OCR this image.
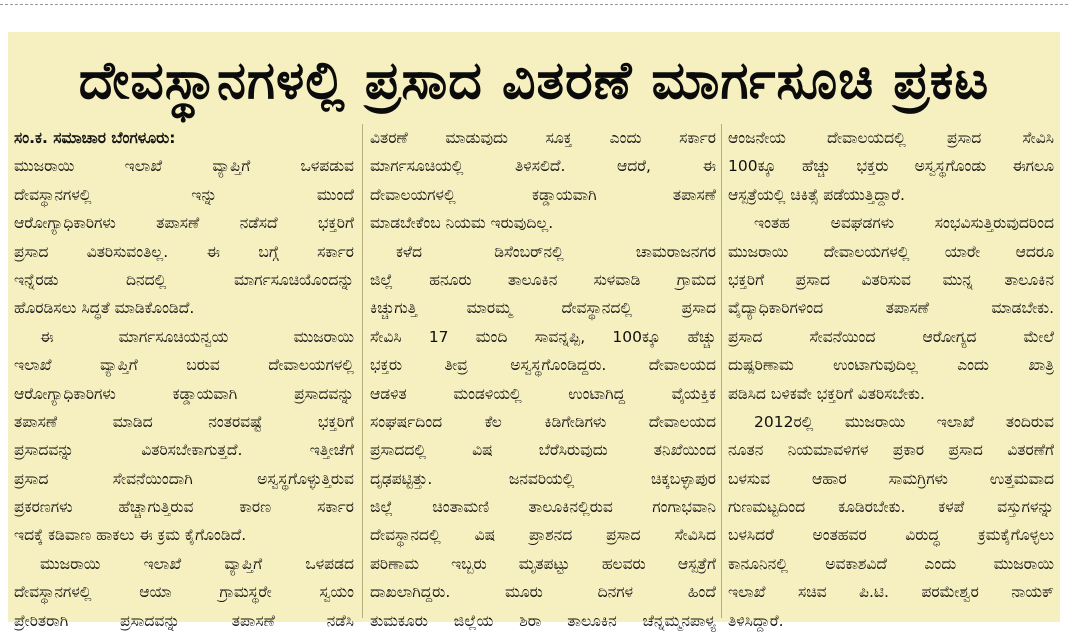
ದೇವಸ್ಥಾನಗಳಲ್ಲಿ ಪ್ರಸಾದ ವಿತರಣೆ ಮಾರ್ಗಸೂಚಿ ಪ್ರಕಟ
ಸಂ.ಕ. ಸಮಾಚಾರ ಬೆಂಗಳೂರು:
ಮುಜರಾಯಿ ಇಲಾಖೆ ವ್ಯಾಪ್ತಿಗೆ ಒಳಪಡುವ
ದೇವಸ್ಥಾನಗಳಲ್ಲಿ ಇನ್ನು ಮುಂದೆ
ಆರೋಗ್ಯಾಧಿಕಾರಿಗಳು ತಪಾಸಣೆ ನಡೆಸದೆ ಭಕ್ತರಿಗೆ
ಪ್ರಸಾದ ವಿತರಿಸುವಂತಿಲ್ಲ. ಈ ಬಗ್ಗೆ ಸರ್ಕಾರ
ಇನ್ನೆರಡು ದಿನದಲ್ಲಿ ಮಾರ್ಗಸೂಚಿಯೊಂದನ್ನು
ಹೊರಡಿಸಲು ಸಿದ್ಧತೆ ಮಾಡಿಕೊಂಡಿದೆ.
ಈ ಮಾರ್ಗಸೂಚಿಯನ್ವಯ ಮುಜರಾಯಿ
ಇಲಾಖೆ ವ್ಯಾಪ್ತಿಗೆ ಬರುವ ದೇವಾಲಯಗಳಲ್ಲಿ
ಆರೋಗ್ಯಾಧಿಕಾರಿಗಳು ಕಡ್ಡಾಯವಾಗಿ ಪ್ರಸಾದವನ್ನು
ತಪಾಸಣೆ ಮಾಡಿದ ನಂತರವಷ್ಟೆ ಭಕ್ತರಿಗೆ
ಪ್ರಸಾದವನ್ನು ವಿತರಿಸಬೇಕಾಗುತ್ತದೆ. ಇತ್ತೀಚೆಗೆ
ಪ್ರಸಾದ ಸೇವನೆಯಿಂದಾಗಿ ಅಸ್ವಸ್ಥಗೊಳ್ಳುತ್ತಿರುವ
ಪ್ರಕರಣಗಳು ಹೆಚ್ಚಾಗುತ್ತಿರುವ ಕಾರಣ ಸರ್ಕಾರ
ಇದಕ್ಕೆ ಕಡಿವಾಣ ಹಾಕಲು ಈ ಕ್ರಮ ಕೈಗೊಂಡಿದೆ.
ಮುಜರಾಯಿ ಇಲಾಖೆ ವ್ಯಾಪ್ತಿಗೆ ಒಳಪಡದ
ದೇವಸ್ಥಾನಗಳಲ್ಲಿ ಆಯಾ ಗ್ರಾಮಸ್ಥರೇ ಸ್ವಯಂ
ಪ್ರೇರಿತರಾಗಿ ಪ್ರಸಾದವನ್ನು ತಪಾಸಣೆ ನಡೆಸಿ
ವಿತರಣೆ ಮಾಡುವುದು ಸೂಕ್ತ ಎಂದು ಸರ್ಕಾರ
ಮಾರ್ಗಸೂಚಿಯಲ್ಲಿ ತಿಳಿಸಲಿದೆ. ಆದರೆ, ಈ
ದೇವಾಲಯಗಳಲ್ಲಿ ಕಡ್ಡಾಯವಾಗಿ ತಪಾಸಣೆ
ಮಾಡಬೇಕೆಂಬ ನಿಯಮ ಇರುವುದಿಲ್ಲ.
ಕಳೆದ ಡಿಸೆಂಬರ್‌ನಲ್ಲಿ ಚಾಮರಾಜನಗರ
ಜಿಲ್ಲೆ ಹನೂರು ತಾಲೂಕಿನ ಸುಳವಾಡಿ ಗ್ರಾಮದ
ಕಿಚ್ಚುಗುತ್ತಿ ಮಾರಮ್ಮ ದೇವಸ್ಥಾನದಲ್ಲಿ ಪ್ರಸಾದ
ಸೇವಿಸಿ 17 ಮಂದಿ ಸಾವನ್ನಪ್ಪಿ, 100ಕ್ಕೂ ಹೆಚ್ಚು
ಭಕ್ತರು ತೀವ್ರ ಅಸ್ವಸ್ಥಗೊಂಡಿದ್ದರು. ದೇವಾಲಯದ
ಆಡಳಿತ ಮಂಡಳಿಯಲ್ಲಿ ಉಂಟಾಗಿದ್ದ ವೈಯಕ್ತಿಕ
ಸಂಘರ್ಷದಿಂದ ಕೆಲ ಕಿಡಿಗೇಡಿಗಳು ದೇವಾಲಯದ
ಪ್ರಸಾದದಲ್ಲಿ ವಿಷ ಬೆರೆಸಿರುವುದು ತನಿಖೆಯಿಂದ
ದೃಢಪಟ್ಟಿತ್ತು. ಜನವರಿಯಲ್ಲಿ ಚಿಕ್ಕಬಳ್ಳಾಪುರ
ಜಿಲ್ಲೆ ಚಿಂತಾಮಣಿ ತಾಲೂಕಿನಲ್ಲಿರುವ ಗಂಗಾಭವಾನಿ
ದೇವಸ್ಥಾನದಲ್ಲಿ ವಿಷ ಪ್ರಾಶನದ ಪ್ರಸಾದ ಸೇವಿಸಿದ
ಪರಿಣಾಮ ಇಬ್ಬರು ಮೃತಪಟ್ಟು ಹಲವರು ಆಸ್ಪತ್ರೆಗೆ
ದಾಖಲಾಗಿದ್ದರು. ಮೂರು ದಿನಗಳ ಹಿಂದೆ
ತುಮಕೂರು ಜಿಲ್ಲೆಯ ಶಿರಾ ತಾಲೂಕಿನ ಚೆನ್ನಮ್ಮನಪಾಳ್ಯ
ಆಂಜನೇಯ ದೇವಾಲಯದಲ್ಲಿ ಪ್ರಸಾದ ಸೇವಿಸಿ
100ಕ್ಕೂ ಹೆಚ್ಚು ಭಕ್ತರು ಅಸ್ವಸ್ಥಗೊಂಡು ಈಗಲೂ
ಆಸ್ಪತ್ರೆಯಲ್ಲಿ ಚಿಕಿತ್ಸೆ ಪಡೆಯುತ್ತಿದ್ದಾರೆ.
ಇಂತಹ ಅವಘಡಗಳು ಸಂಭವಿಸುತ್ತಿರುವುದರಿಂದ
ಮುಜರಾಯಿ ದೇವಾಲಯಗಳಲ್ಲಿ ಯಾರೇ ಆದರೂ
ಭಕ್ತರಿಗೆ ಪ್ರಸಾದ ವಿತರಿಸುವ ಮುನ್ನ ತಾಲೂಕಿನ
ವೈದ್ಯಾಧಿಕಾರಿಗಳಿಂದ ತಪಾಸಣೆ ಮಾಡಬೇಕು.
ಪ್ರಸಾದ ಸೇವನೆಯಿಂದ ಆರೋಗ್ಯದ ಮೇಲೆ
ದುಷ್ಪರಿಣಾಮ ಉಂಟಾಗುವುದಿಲ್ಲ ಎಂದು ಖಾತ್ರಿ
ಪಡಿಸಿದ ಬಳಿಕವೇ ಭಕ್ತರಿಗೆ ವಿತರಿಸಬೇಕು.
2012ರಲ್ಲಿ ಮುಜರಾಯಿ ಇಲಾಖೆ ತಂದಿರುವ
ನೂತನ ನಿಯಮಾವಳಿಗಳ ಪ್ರಕಾರ ಪ್ರಸಾದ ವಿತರಣೆಗೆ
ಬಳಸುವ ಆಹಾರ ಸಾಮಗ್ರಿಗಳು ಉತ್ತಮವಾದ
ಗುಣಮಟ್ಟದಿಂದ ಕೂಡಿರಬೇಕು. ಕಳಪೆ ವಸ್ತುಗಳನ್ನು
ಬಳಸಿದರೆ ಅಂತಹವರ ವಿರುದ್ಧ ಕ್ರಮಕೈಗೊಳ್ಳಲು
ಕಾನೂನಿನಲ್ಲಿ ಅವಕಾಶವಿದೆ ಎಂದು ಮುಜರಾಯಿ
ಇಲಾಖೆ ಸಚಿವ ಪಿ.ಟಿ. ಪರಮೇಶ್ವರ ನಾಯಕ್
ತಿಳಿಸಿದ್ದಾರೆ.
